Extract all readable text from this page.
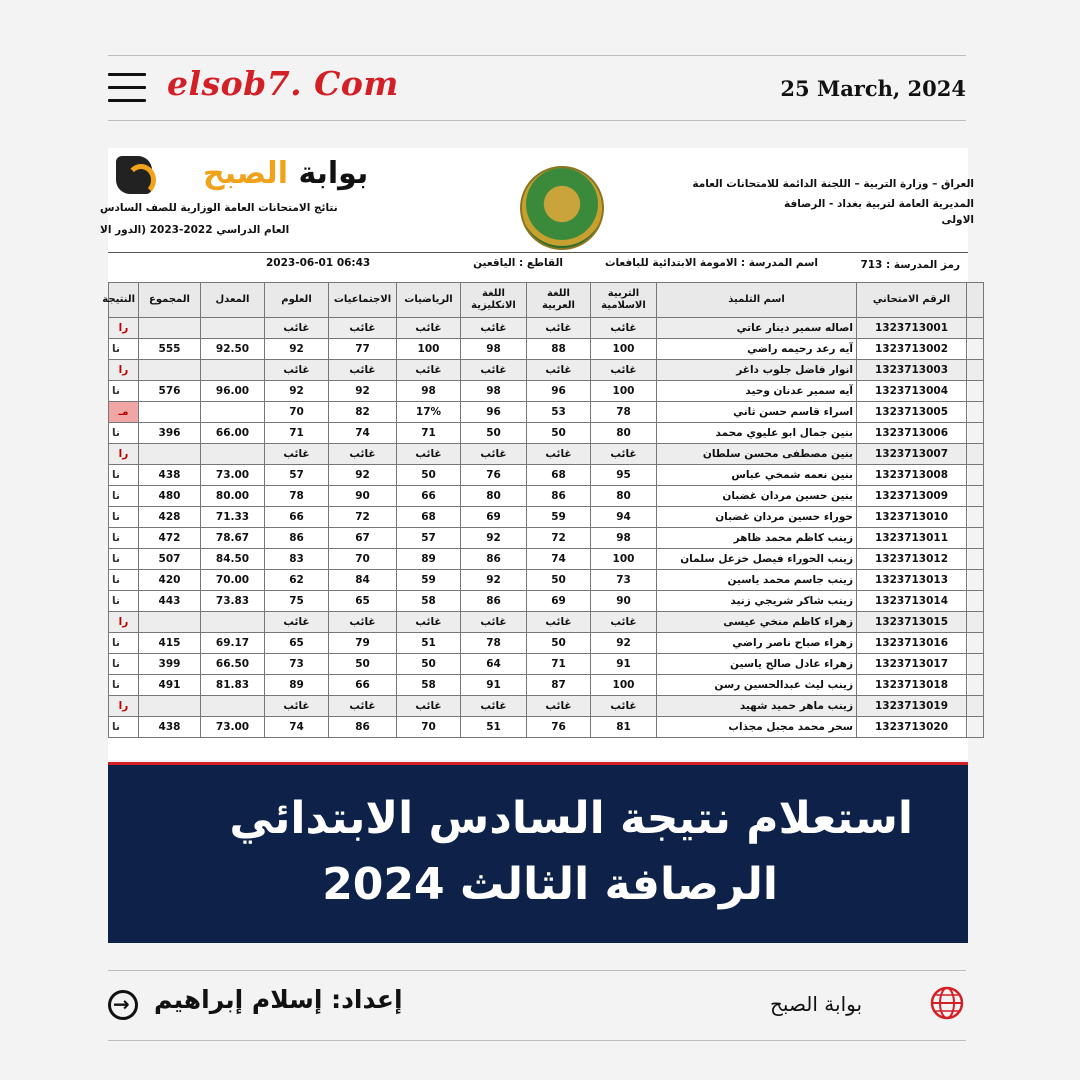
elsob7. Com	25 March, 2024
بوابة الصبح
نتائج الامتحانات العامة الوزارية للصف السادس
العام الدراسي 2022-2023 (الدور الا
العراق – وزارة التربية – اللجنة الدائمة للامتحانات العامة
المديرية العامة لتربية بغداد - الرصافة
الاولى
رمز المدرسة : 713
اسم المدرسة : الامومة الابتدائية للبافعات
القاطع : الياقعين
2023-06-01 06:43
	الرقم الامتحاني	اسم التلميذ	التربية الاسلامية	اللغة العربية	اللغة الانكليزية	الرياضيات	الاجتماعيات	العلوم	المعدل	المجموع	النتيجة
	1323713001	اصاله سمير دينار عاتي	غائب	غائب	غائب	غائب	غائب	غائب			را
	1323713002	آيه رعد رحيمه راضي	100	88	98	100	77	92	92.50	555	نا
	1323713003	انوار فاضل جلوب داغر	غائب	غائب	غائب	غائب	غائب	غائب			را
	1323713004	آيه سمير عدنان وحيد	100	96	98	98	92	92	96.00	576	نا
	1323713005	اسراء قاسم حسن ثاني	78	53	96	17%	82	70			مـ
	1323713006	بنين جمال ابو عليوي محمد	80	50	50	71	74	71	66.00	396	نا
	1323713007	بنين مصطفى محسن سلطان	غائب	غائب	غائب	غائب	غائب	غائب			را
	1323713008	بنين نعمه شمخي عباس	95	68	76	50	92	57	73.00	438	نا
	1323713009	بنين حسين مردان غضبان	80	86	80	66	90	78	80.00	480	نا
	1323713010	حوراء حسين مردان غضبان	94	59	69	68	72	66	71.33	428	نا
	1323713011	زينب كاظم محمد ظاهر	98	72	92	57	67	86	78.67	472	نا
	1323713012	زينب الحوراء فيصل خزعل سلمان	100	74	86	89	70	83	84.50	507	نا
	1323713013	زينب جاسم محمد ياسين	73	50	92	59	84	62	70.00	420	نا
	1323713014	زينب شاكر شريجي زنيد	90	69	86	58	65	75	73.83	443	نا
	1323713015	زهراء كاظم منخي عيسى	غائب	غائب	غائب	غائب	غائب	غائب			را
	1323713016	زهراء صباح ناصر راضي	92	50	78	51	79	65	69.17	415	نا
	1323713017	زهراء عادل صالح ياسين	91	71	64	50	50	73	66.50	399	نا
	1323713018	زينب ليث عبدالحسين رسن	100	87	91	58	66	89	81.83	491	نا
	1323713019	زينب ماهر حميد شهيد	غائب	غائب	غائب	غائب	غائب	غائب			را
	1323713020	سحر محمد مجبل مجذاب	81	76	51	70	86	74	73.00	438	نا
استعلام نتيجة السادس الابتدائي
الرصافة الثالث 2024
→
إعداد: إسلام إبراهيم	بوابة الصبح
